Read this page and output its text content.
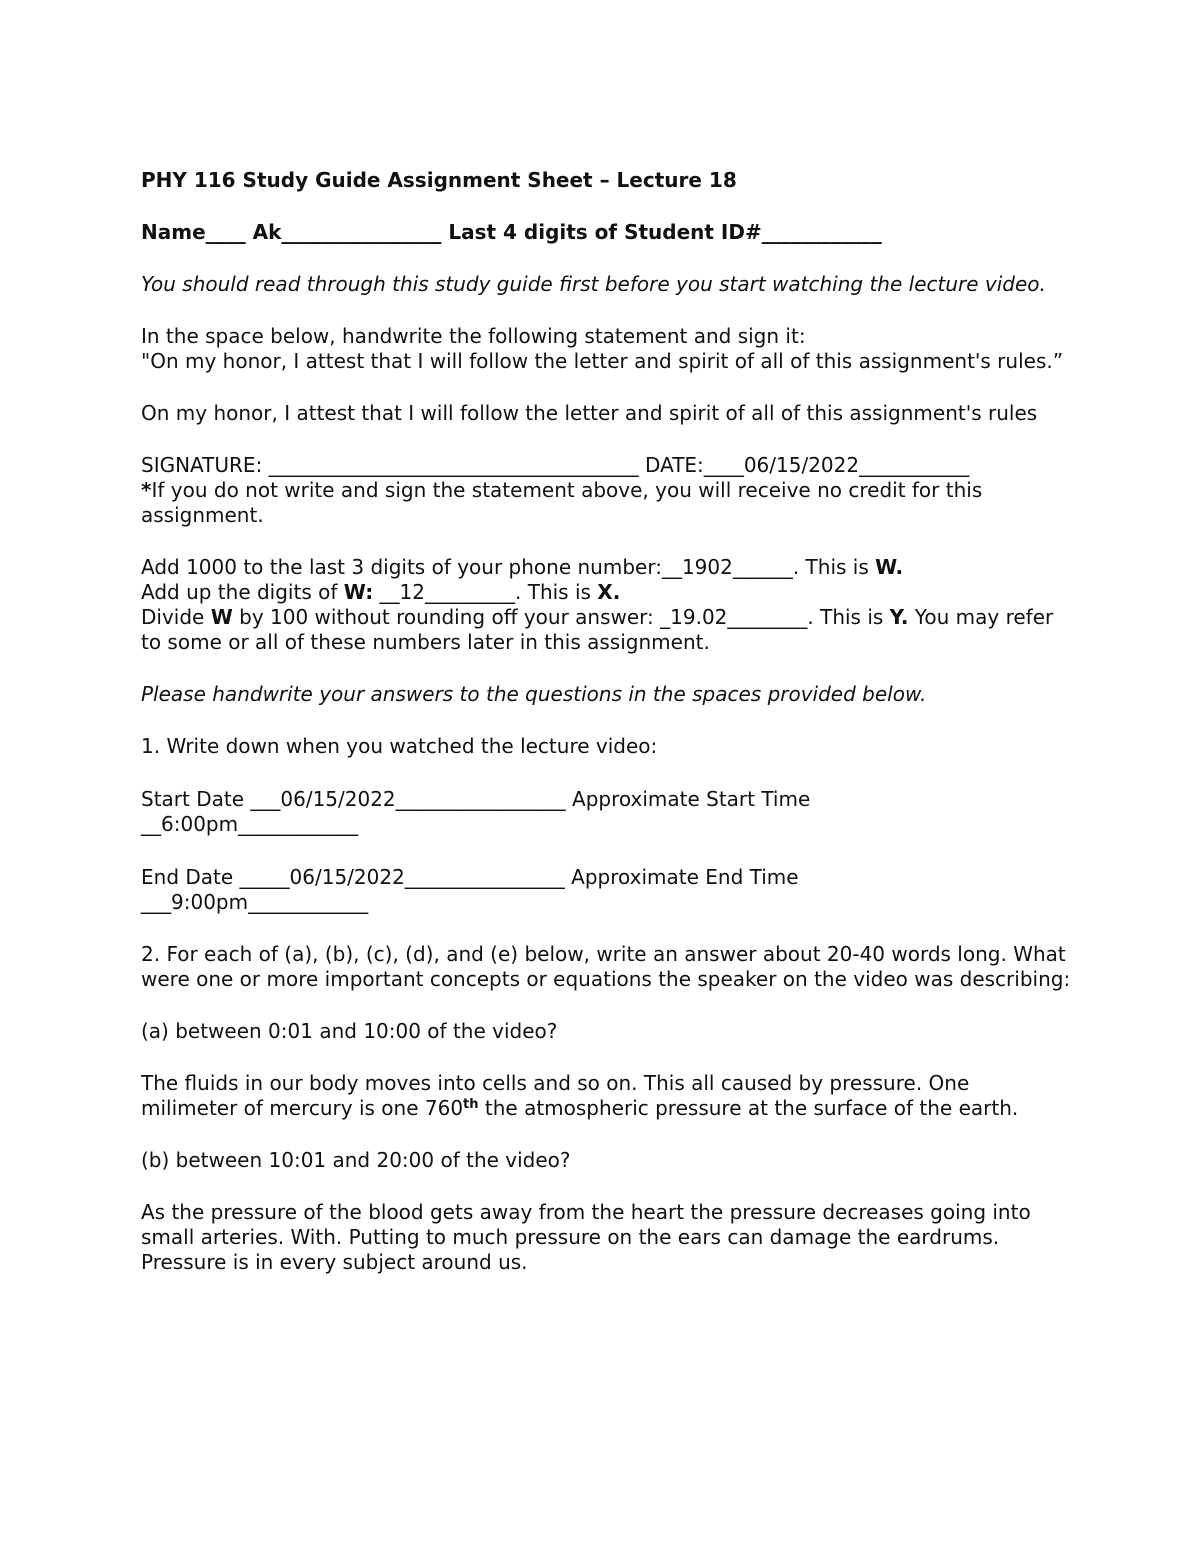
PHY 116 Study Guide Assignment Sheet – Lecture 18
Name____ Ak________________ Last 4 digits of Student ID#____________
You should read through this study guide first before you start watching the lecture video.
In the space below, handwrite the following statement and sign it:
"On my honor, I attest that I will follow the letter and spirit of all of this assignment's rules.”
On my honor, I attest that I will follow the letter and spirit of all of this assignment's rules
SIGNATURE: _____________________________________ DATE:____06/15/2022___________
*If you do not write and sign the statement above, you will receive no credit for this assignment.
Add 1000 to the last 3 digits of your phone number:__1902______. This is W.
Add up the digits of W: __12_________. This is X.
Divide W by 100 without rounding off your answer: _19.02________. This is Y. You may refer to some or all of these numbers later in this assignment.
Please handwrite your answers to the questions in the spaces provided below.
1. Write down when you watched the lecture video:
Start Date ___06/15/2022_________________ Approximate Start Time
__6:00pm____________
End Date _____06/15/2022________________ Approximate End Time
___9:00pm____________
2. For each of (a), (b), (c), (d), and (e) below, write an answer about 20-40 words long. What were one or more important concepts or equations the speaker on the video was describing:
(a) between 0:01 and 10:00 of the video?
The fluids in our body moves into cells and so on. This all caused by pressure. One milimeter of mercury is one 760th the atmospheric pressure at the surface of the earth.
(b) between 10:01 and 20:00 of the video?
As the pressure of the blood gets away from the heart the pressure decreases going into small arteries. With. Putting to much pressure on the ears can damage the eardrums. Pressure is in every subject around us.
